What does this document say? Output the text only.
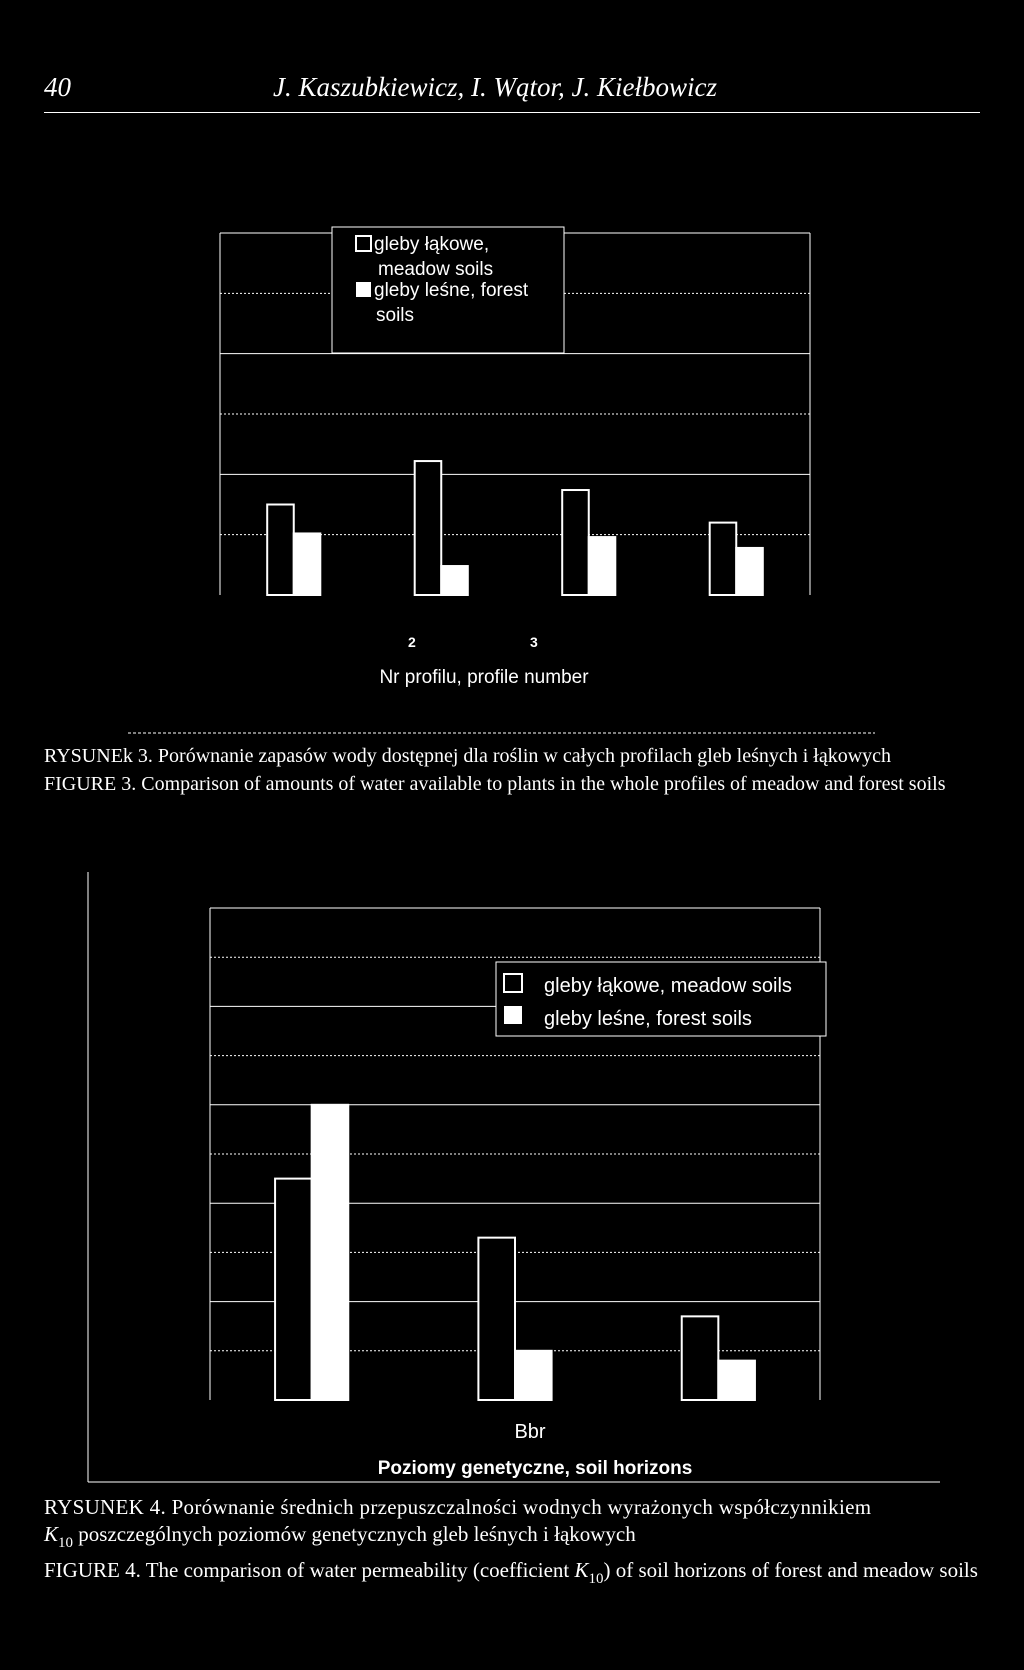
40	J. Kaszubkiewicz, I. Wątor, J. Kiełbowicz
gleby łąkowe,
meadow soils
gleby leśne, forest
soils
2	3
Nr profilu, profile number
RYSUNEk 3. Porównanie zapasów wody dostępnej dla roślin w całych profilach gleb leśnych i łąkowych
FIGURE 3. Comparison of amounts of water available to plants in the whole profiles of meadow and forest soils
gleby łąkowe, meadow soils
gleby leśne, forest soils
Bbr
Poziomy genetyczne, soil horizons
RYSUNEK 4. Porównanie średnich przepuszczalności wodnych wyrażonych współczynnikiem
$K_{10}$ poszczególnych poziomów genetycznych gleb leśnych i łąkowych
FIGURE 4. The comparison of water permeability (coefficient $K_{10}$) of soil horizons of forest and meadow soils
